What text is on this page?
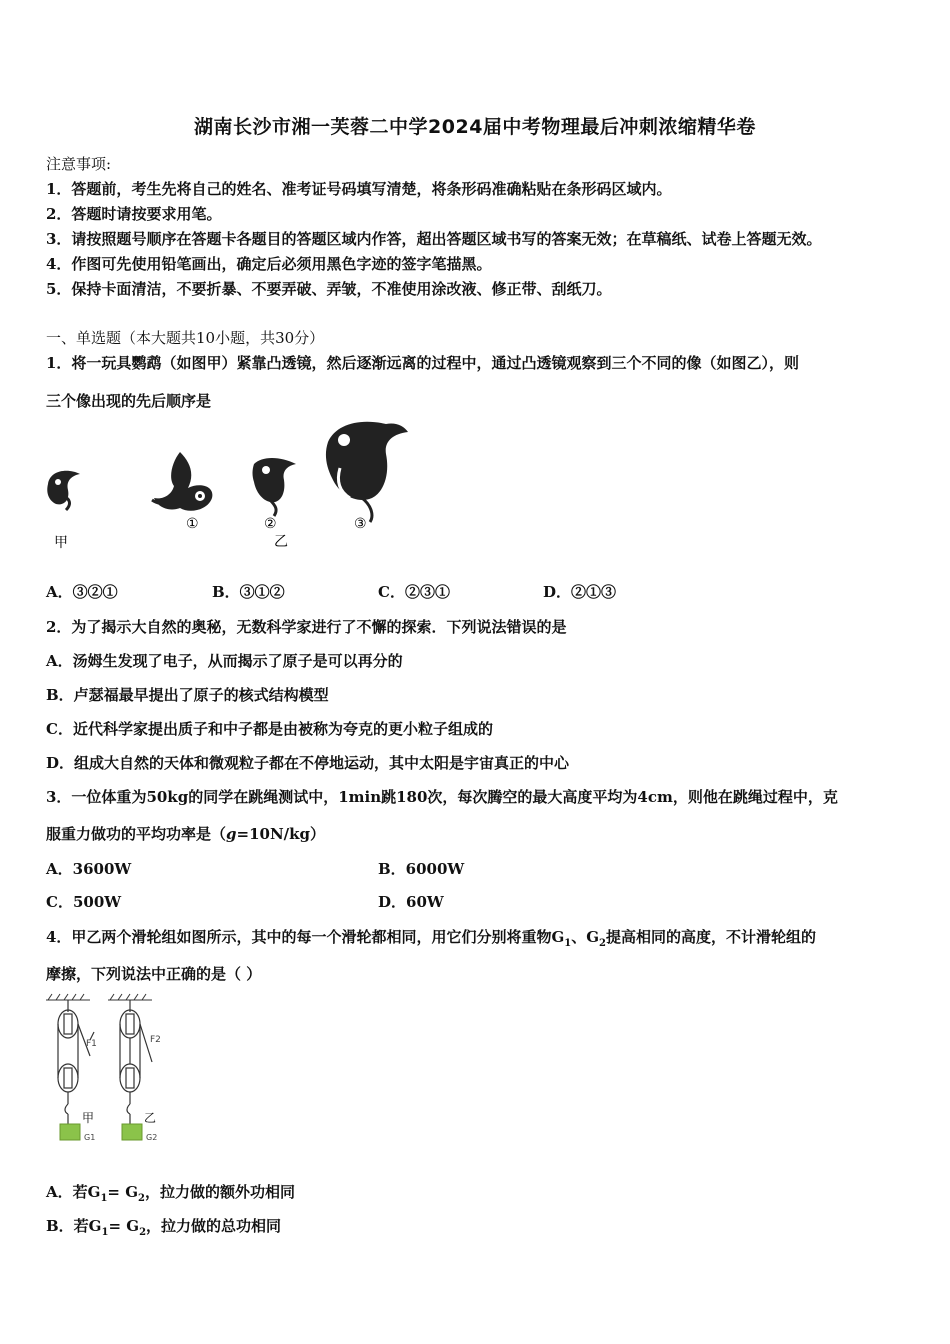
湖南长沙市湘一芙蓉二中学2024届中考物理最后冲刺浓缩精华卷
注意事项:
1．答题前，考生先将自己的姓名、准考证号码填写清楚，将条形码准确粘贴在条形码区域内。
2．答题时请按要求用笔。
3．请按照题号顺序在答题卡各题目的答题区域内作答，超出答题区域书写的答案无效；在草稿纸、试卷上答题无效。
4．作图可先使用铅笔画出，确定后必须用黑色字迹的签字笔描黑。
5．保持卡面清洁，不要折暴、不要弄破、弄皱，不准使用涂改液、修正带、刮纸刀。
一、单选题（本大题共10小题，共30分）
1．将一玩具鹦鹉（如图甲）紧靠凸透镜，然后逐渐远离的过程中，通过凸透镜观察到三个不同的像（如图乙），则
三个像出现的先后顺序是
甲
①	②
乙
③
A．③②①	B．③①②	C．②③①	D．②①③
2．为了揭示大自然的奥秘，无数科学家进行了不懈的探索．下列说法错误的是
A．汤姆生发现了电子，从而揭示了原子是可以再分的
B．卢瑟福最早提出了原子的核式结构模型
C．近代科学家提出质子和中子都是由被称为夸克的更小粒子组成的
D．组成大自然的天体和微观粒子都在不停地运动，其中太阳是宇宙真正的中心
3．一位体重为50kg的同学在跳绳测试中，1min跳180次，每次腾空的最大高度平均为4cm，则他在跳绳过程中，克
服重力做功的平均功率是（g=10N/kg）
A．3600W	B．6000W
C．500W	D．60W
4．甲乙两个滑轮组如图所示，其中的每一个滑轮都相同，用它们分别将重物$G_1$、$G_2$提高相同的高度，不计滑轮组的
摩擦，下列说法中正确的是（ ）
F1
甲
G1
F2
乙
G2
A．若$G_1= G_2$，拉力做的额外功相同
B．若$G_1= G_2$，拉力做的总功相同
